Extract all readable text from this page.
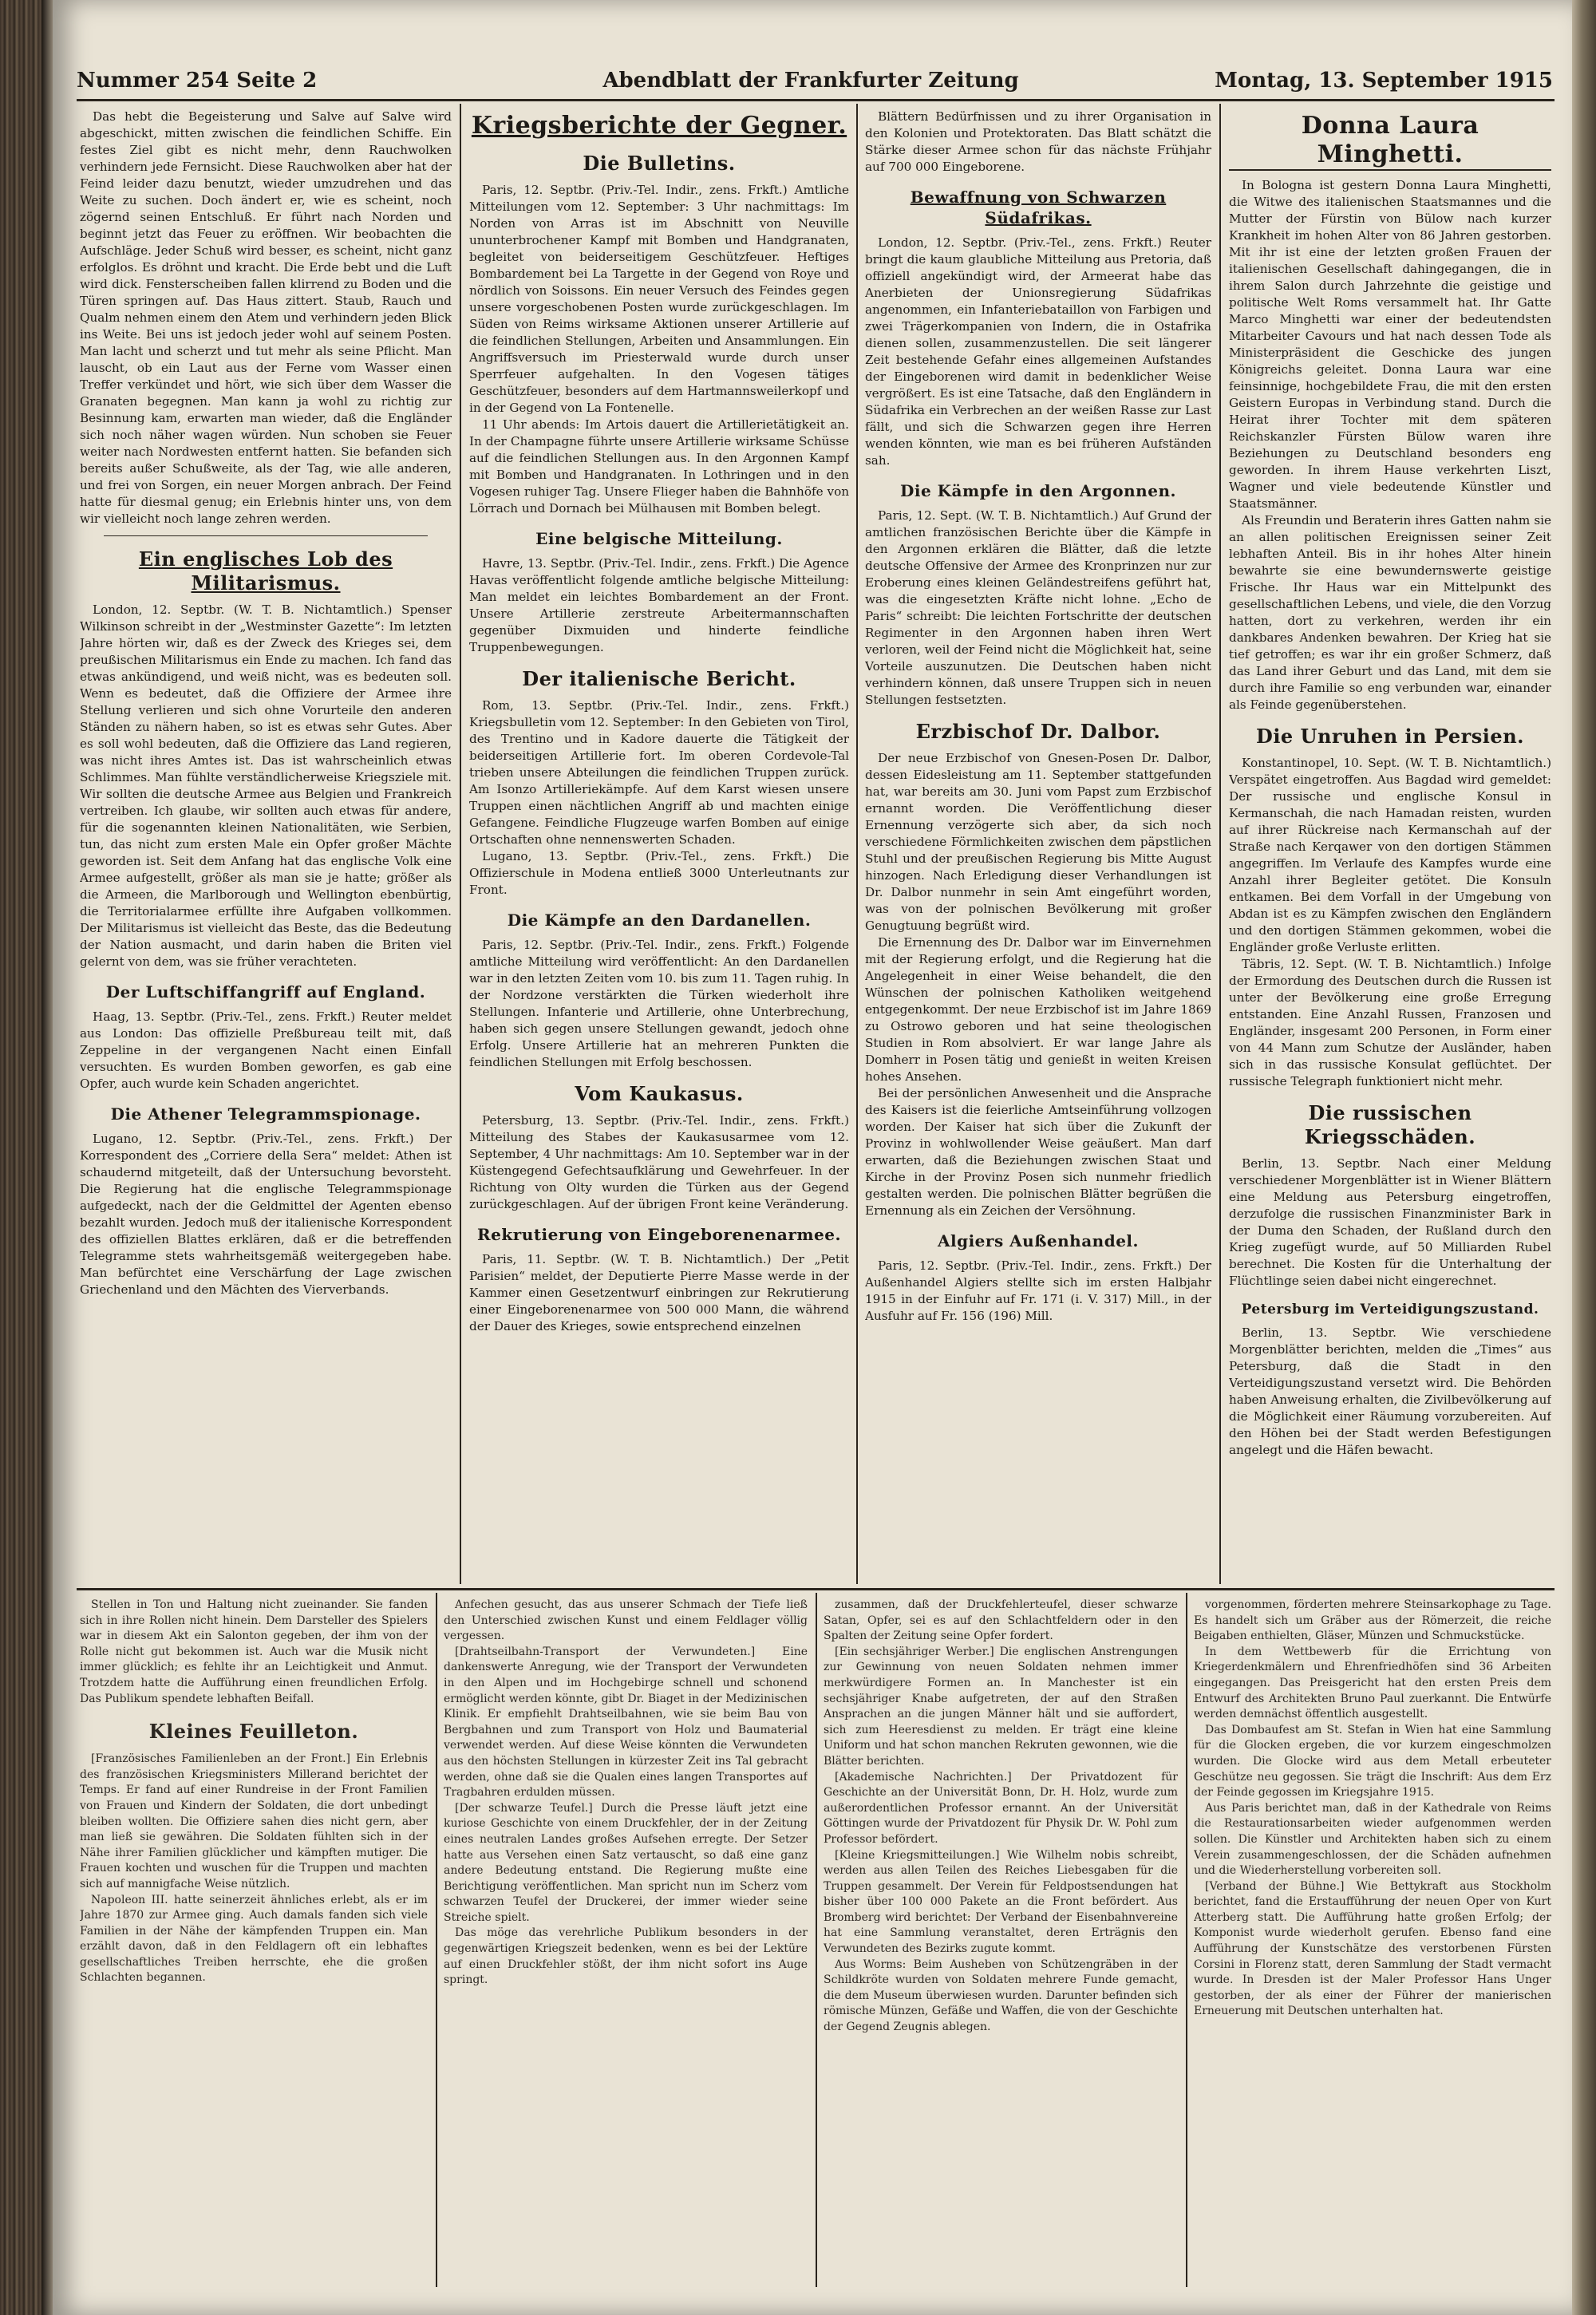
Nummer 254 Seite 2	Abendblatt der Frankfurter Zeitung	Montag, 13. September 1915

Das hebt die Begeisterung und Salve auf Salve wird abgeschickt, mitten zwischen die feindlichen Schiffe. Ein festes Ziel gibt es nicht mehr, denn Rauchwolken verhindern jede Fernsicht. Diese Rauchwolken aber hat der Feind leider dazu benutzt, wieder umzudrehen und das Weite zu suchen. Doch ändert er, wie es scheint, noch zögernd seinen Entschluß. Er führt nach Norden und beginnt jetzt das Feuer zu eröffnen. Wir beobachten die Aufschläge. Jeder Schuß wird besser, es scheint, nicht ganz erfolglos. Es dröhnt und kracht. Die Erde bebt und die Luft wird dick. Fensterscheiben fallen klirrend zu Boden und die Türen springen auf. Das Haus zittert. Staub, Rauch und Qualm nehmen einem den Atem und verhindern jeden Blick ins Weite. Bei uns ist jedoch jeder wohl auf seinem Posten. Man lacht und scherzt und tut mehr als seine Pflicht. Man lauscht, ob ein Laut aus der Ferne vom Wasser einen Treffer verkündet und hört, wie sich über dem Wasser die Granaten begegnen. Man kann ja wohl zu richtig zur Besinnung kam, erwarten man wieder, daß die Engländer sich noch näher wagen würden. Nun schoben sie Feuer weiter nach Nordwesten entfernt hatten. Sie befanden sich bereits außer Schußweite, als der Tag, wie alle anderen, und frei von Sorgen, ein neuer Morgen anbrach. Der Feind hatte für diesmal genug; ein Erlebnis hinter uns, von dem wir vielleicht noch lange zehren werden.

Ein englisches Lob des Militarismus.

London, 12. Septbr. (W. T. B. Nichtamtlich.) Spenser Wilkinson schreibt in der „Westminster Gazette“: Im letzten Jahre hörten wir, daß es der Zweck des Krieges sei, dem preußischen Militarismus ein Ende zu machen. Ich fand das etwas ankündigend, und weiß nicht, was es bedeuten soll. Wenn es bedeutet, daß die Offiziere der Armee ihre Stellung verlieren und sich ohne Vorurteile den anderen Ständen zu nähern haben, so ist es etwas sehr Gutes. Aber es soll wohl bedeuten, daß die Offiziere das Land regieren, was nicht ihres Amtes ist. Das ist wahrscheinlich etwas Schlimmes. Man fühlte verständlicherweise Kriegsziele mit. Wir sollten die deutsche Armee aus Belgien und Frankreich vertreiben. Ich glaube, wir sollten auch etwas für andere, für die sogenannten kleinen Nationalitäten, wie Serbien, tun, das nicht zum ersten Male ein Opfer großer Mächte geworden ist. Seit dem Anfang hat das englische Volk eine Armee aufgestellt, größer als man sie je hatte; größer als die Armeen, die Marlborough und Wellington ebenbürtig, die Territorialarmee erfüllte ihre Aufgaben vollkommen. Der Militarismus ist vielleicht das Beste, das die Bedeutung der Nation ausmacht, und darin haben die Briten viel gelernt von dem, was sie früher verachteten.

Der Luftschiffangriff auf England.

Haag, 13. Septbr. (Priv.-Tel., zens. Frkft.) Reuter meldet aus London: Das offizielle Preßbureau teilt mit, daß Zeppeline in der vergangenen Nacht einen Einfall versuchten. Es wurden Bomben geworfen, es gab eine Opfer, auch wurde kein Schaden angerichtet.

Die Athener Telegrammspionage.

Lugano, 12. Septbr. (Priv.-Tel., zens. Frkft.) Der Korrespondent des „Corriere della Sera“ meldet: Athen ist schaudernd mitgeteilt, daß der Untersuchung bevorsteht. Die Regierung hat die englische Telegrammspionage aufgedeckt, nach der die Geldmittel der Agenten ebenso bezahlt wurden. Jedoch muß der italienische Korrespondent des offiziellen Blattes erklären, daß er die betreffenden Telegramme stets wahrheitsgemäß weitergegeben habe. Man befürchtet eine Verschärfung der Lage zwischen Griechenland und den Mächten des Vierverbands.

Kriegsberichte der Gegner.
Die Bulletins.

Paris, 12. Septbr. (Priv.-Tel. Indir., zens. Frkft.) Amtliche Mitteilungen vom 12. September: 3 Uhr nachmittags: Im Norden von Arras ist im Abschnitt von Neuville ununterbrochener Kampf mit Bomben und Handgranaten, begleitet von beiderseitigem Geschützfeuer. Heftiges Bombardement bei La Targette in der Gegend von Roye und nördlich von Soissons. Ein neuer Versuch des Feindes gegen unsere vorgeschobenen Posten wurde zurückgeschlagen. Im Süden von Reims wirksame Aktionen unserer Artillerie auf die feindlichen Stellungen, Arbeiten und Ansammlungen. Ein Angriffsversuch im Priesterwald wurde durch unser Sperrfeuer aufgehalten. In den Vogesen tätiges Geschützfeuer, besonders auf dem Hartmannsweilerkopf und in der Gegend von La Fontenelle.

11 Uhr abends: Im Artois dauert die Artillerietätigkeit an. In der Champagne führte unsere Artillerie wirksame Schüsse auf die feindlichen Stellungen aus. In den Argonnen Kampf mit Bomben und Handgranaten. In Lothringen und in den Vogesen ruhiger Tag. Unsere Flieger haben die Bahnhöfe von Lörrach und Dornach bei Mülhausen mit Bomben belegt.

Eine belgische Mitteilung.

Havre, 13. Septbr. (Priv.-Tel. Indir., zens. Frkft.) Die Agence Havas veröffentlicht folgende amtliche belgische Mitteilung: Man meldet ein leichtes Bombardement an der Front. Unsere Artillerie zerstreute Arbeitermannschaften gegenüber Dixmuiden und hinderte feindliche Truppenbewegungen.

Der italienische Bericht.

Rom, 13. Septbr. (Priv.-Tel. Indir., zens. Frkft.) Kriegsbulletin vom 12. September: In den Gebieten von Tirol, des Trentino und in Kadore dauerte die Tätigkeit der beiderseitigen Artillerie fort. Im oberen Cordevole-Tal trieben unsere Abteilungen die feindlichen Truppen zurück. Am Isonzo Artilleriekämpfe. Auf dem Karst wiesen unsere Truppen einen nächtlichen Angriff ab und machten einige Gefangene. Feindliche Flugzeuge warfen Bomben auf einige Ortschaften ohne nennenswerten Schaden.

Lugano, 13. Septbr. (Priv.-Tel., zens. Frkft.) Die Offizierschule in Modena entließ 3000 Unterleutnants zur Front.

Die Kämpfe an den Dardanellen.

Paris, 12. Septbr. (Priv.-Tel. Indir., zens. Frkft.) Folgende amtliche Mitteilung wird veröffentlicht: An den Dardanellen war in den letzten Zeiten vom 10. bis zum 11. Tagen ruhig. In der Nordzone verstärkten die Türken wiederholt ihre Stellungen. Infanterie und Artillerie, ohne Unterbrechung, haben sich gegen unsere Stellungen gewandt, jedoch ohne Erfolg. Unsere Artillerie hat an mehreren Punkten die feindlichen Stellungen mit Erfolg beschossen.

Vom Kaukasus.

Petersburg, 13. Septbr. (Priv.-Tel. Indir., zens. Frkft.) Mitteilung des Stabes der Kaukasusarmee vom 12. September, 4 Uhr nachmittags: Am 10. September war in der Küstengegend Gefechtsaufklärung und Gewehrfeuer. In der Richtung von Olty wurden die Türken aus der Gegend zurückgeschlagen. Auf der übrigen Front keine Veränderung.

Rekrutierung von Eingeborenenarmee.

Paris, 11. Septbr. (W. T. B. Nichtamtlich.) Der „Petit Parisien“ meldet, der Deputierte Pierre Masse werde in der Kammer einen Gesetzentwurf einbringen zur Rekrutierung einer Eingeborenenarmee von 500 000 Mann, die während der Dauer des Krieges, sowie entsprechend einzelnen

Blättern Bedürfnissen und zu ihrer Organisation in den Kolonien und Protektoraten. Das Blatt schätzt die Stärke dieser Armee schon für das nächste Frühjahr auf 700 000 Eingeborene.

Bewaffnung von Schwarzen Südafrikas.

London, 12. Septbr. (Priv.-Tel., zens. Frkft.) Reuter bringt die kaum glaubliche Mitteilung aus Pretoria, daß offiziell angekündigt wird, der Armeerat habe das Anerbieten der Unionsregierung Südafrikas angenommen, ein Infanteriebataillon von Farbigen und zwei Trägerkompanien von Indern, die in Ostafrika dienen sollen, zusammenzustellen. Die seit längerer Zeit bestehende Gefahr eines allgemeinen Aufstandes der Eingeborenen wird damit in bedenklicher Weise vergrößert. Es ist eine Tatsache, daß den Engländern in Südafrika ein Verbrechen an der weißen Rasse zur Last fällt, und sich die Schwarzen gegen ihre Herren wenden könnten, wie man es bei früheren Aufständen sah.

Die Kämpfe in den Argonnen.

Paris, 12. Sept. (W. T. B. Nichtamtlich.) Auf Grund der amtlichen französischen Berichte über die Kämpfe in den Argonnen erklären die Blätter, daß die letzte deutsche Offensive der Armee des Kronprinzen nur zur Eroberung eines kleinen Geländestreifens geführt hat, was die eingesetzten Kräfte nicht lohne. „Echo de Paris“ schreibt: Die leichten Fortschritte der deutschen Regimenter in den Argonnen haben ihren Wert verloren, weil der Feind nicht die Möglichkeit hat, seine Vorteile auszunutzen. Die Deutschen haben nicht verhindern können, daß unsere Truppen sich in neuen Stellungen festsetzten.

Erzbischof Dr. Dalbor.

Der neue Erzbischof von Gnesen-Posen Dr. Dalbor, dessen Eidesleistung am 11. September stattgefunden hat, war bereits am 30. Juni vom Papst zum Erzbischof ernannt worden. Die Veröffentlichung dieser Ernennung verzögerte sich aber, da sich noch verschiedene Förmlichkeiten zwischen dem päpstlichen Stuhl und der preußischen Regierung bis Mitte August hinzogen. Nach Erledigung dieser Verhandlungen ist Dr. Dalbor nunmehr in sein Amt eingeführt worden, was von der polnischen Bevölkerung mit großer Genugtuung begrüßt wird.

Die Ernennung des Dr. Dalbor war im Einvernehmen mit der Regierung erfolgt, und die Regierung hat die Angelegenheit in einer Weise behandelt, die den Wünschen der polnischen Katholiken weitgehend entgegenkommt. Der neue Erzbischof ist im Jahre 1869 zu Ostrowo geboren und hat seine theologischen Studien in Rom absolviert. Er war lange Jahre als Domherr in Posen tätig und genießt in weiten Kreisen hohes Ansehen.

Bei der persönlichen Anwesenheit und die Ansprache des Kaisers ist die feierliche Amtseinführung vollzogen worden. Der Kaiser hat sich über die Zukunft der Provinz in wohlwollender Weise geäußert. Man darf erwarten, daß die Beziehungen zwischen Staat und Kirche in der Provinz Posen sich nunmehr friedlich gestalten werden. Die polnischen Blätter begrüßen die Ernennung als ein Zeichen der Versöhnung.

Algiers Außenhandel.

Paris, 12. Septbr. (Priv.-Tel. Indir., zens. Frkft.) Der Außenhandel Algiers stellte sich im ersten Halbjahr 1915 in der Einfuhr auf Fr. 171 (i. V. 317) Mill., in der Ausfuhr auf Fr. 156 (196) Mill.

Donna Laura Minghetti.

In Bologna ist gestern Donna Laura Minghetti, die Witwe des italienischen Staatsmannes und die Mutter der Fürstin von Bülow nach kurzer Krankheit im hohen Alter von 86 Jahren gestorben. Mit ihr ist eine der letzten großen Frauen der italienischen Gesellschaft dahingegangen, die in ihrem Salon durch Jahrzehnte die geistige und politische Welt Roms versammelt hat. Ihr Gatte Marco Minghetti war einer der bedeutendsten Mitarbeiter Cavours und hat nach dessen Tode als Ministerpräsident die Geschicke des jungen Königreichs geleitet. Donna Laura war eine feinsinnige, hochgebildete Frau, die mit den ersten Geistern Europas in Verbindung stand. Durch die Heirat ihrer Tochter mit dem späteren Reichskanzler Fürsten Bülow waren ihre Beziehungen zu Deutschland besonders eng geworden. In ihrem Hause verkehrten Liszt, Wagner und viele bedeutende Künstler und Staatsmänner.

Als Freundin und Beraterin ihres Gatten nahm sie an allen politischen Ereignissen seiner Zeit lebhaften Anteil. Bis in ihr hohes Alter hinein bewahrte sie eine bewundernswerte geistige Frische. Ihr Haus war ein Mittelpunkt des gesellschaftlichen Lebens, und viele, die den Vorzug hatten, dort zu verkehren, werden ihr ein dankbares Andenken bewahren. Der Krieg hat sie tief getroffen; es war ihr ein großer Schmerz, daß das Land ihrer Geburt und das Land, mit dem sie durch ihre Familie so eng verbunden war, einander als Feinde gegenüberstehen.

Die Unruhen in Persien.

Konstantinopel, 10. Sept. (W. T. B. Nichtamtlich.) Verspätet eingetroffen. Aus Bagdad wird gemeldet: Der russische und englische Konsul in Kermanschah, die nach Hamadan reisten, wurden auf ihrer Rückreise nach Kermanschah auf der Straße nach Kerqawer von den dortigen Stämmen angegriffen. Im Verlaufe des Kampfes wurde eine Anzahl ihrer Begleiter getötet. Die Konsuln entkamen. Bei dem Vorfall in der Umgebung von Abdan ist es zu Kämpfen zwischen den Engländern und den dortigen Stämmen gekommen, wobei die Engländer große Verluste erlitten.

Täbris, 12. Sept. (W. T. B. Nichtamtlich.) Infolge der Ermordung des Deutschen durch die Russen ist unter der Bevölkerung eine große Erregung entstanden. Eine Anzahl Russen, Franzosen und Engländer, insgesamt 200 Personen, in Form einer von 44 Mann zum Schutze der Ausländer, haben sich in das russische Konsulat geflüchtet. Der russische Telegraph funktioniert nicht mehr.

Die russischen Kriegsschäden.

Berlin, 13. Septbr. Nach einer Meldung verschiedener Morgenblätter ist in Wiener Blättern eine Meldung aus Petersburg eingetroffen, derzufolge die russischen Finanzminister Bark in der Duma den Schaden, der Rußland durch den Krieg zugefügt wurde, auf 50 Milliarden Rubel berechnet. Die Kosten für die Unterhaltung der Flüchtlinge seien dabei nicht eingerechnet.

Petersburg im Verteidigungszustand.

Berlin, 13. Septbr. Wie verschiedene Morgenblätter berichten, melden die „Times“ aus Petersburg, daß die Stadt in den Verteidigungszustand versetzt wird. Die Behörden haben Anweisung erhalten, die Zivilbevölkerung auf die Möglichkeit einer Räumung vorzubereiten. Auf den Höhen bei der Stadt werden Befestigungen angelegt und die Häfen bewacht.

Stellen in Ton und Haltung nicht zueinander. Sie fanden sich in ihre Rollen nicht hinein. Dem Darsteller des Spielers war in diesem Akt ein Salonton gegeben, der ihm von der Rolle nicht gut bekommen ist. Auch war die Musik nicht immer glücklich; es fehlte ihr an Leichtigkeit und Anmut. Trotzdem hatte die Aufführung einen freundlichen Erfolg. Das Publikum spendete lebhaften Beifall.

Kleines Feuilleton.

[Französisches Familienleben an der Front.] Ein Erlebnis des französischen Kriegsministers Millerand berichtet der Temps. Er fand auf einer Rundreise in der Front Familien von Frauen und Kindern der Soldaten, die dort unbedingt bleiben wollten. Die Offiziere sahen dies nicht gern, aber man ließ sie gewähren. Die Soldaten fühlten sich in der Nähe ihrer Familien glücklicher und kämpften mutiger. Die Frauen kochten und wuschen für die Truppen und machten sich auf mannigfache Weise nützlich.

Napoleon III. hatte seinerzeit ähnliches erlebt, als er im Jahre 1870 zur Armee ging. Auch damals fanden sich viele Familien in der Nähe der kämpfenden Truppen ein. Man erzählt davon, daß in den Feldlagern oft ein lebhaftes gesellschaftliches Treiben herrschte, ehe die großen Schlachten begannen.

Anfechen gesucht, das aus unserer Schmach der Tiefe ließ den Unterschied zwischen Kunst und einem Feldlager völlig vergessen.

[Drahtseilbahn-Transport der Verwundeten.] Eine dankenswerte Anregung, wie der Transport der Verwundeten in den Alpen und im Hochgebirge schnell und schonend ermöglicht werden könnte, gibt Dr. Biaget in der Medizinischen Klinik. Er empfiehlt Drahtseilbahnen, wie sie beim Bau von Bergbahnen und zum Transport von Holz und Baumaterial verwendet werden. Auf diese Weise könnten die Verwundeten aus den höchsten Stellungen in kürzester Zeit ins Tal gebracht werden, ohne daß sie die Qualen eines langen Transportes auf Tragbahren erdulden müssen.

[Der schwarze Teufel.] Durch die Presse läuft jetzt eine kuriose Geschichte von einem Druckfehler, der in der Zeitung eines neutralen Landes großes Aufsehen erregte. Der Setzer hatte aus Versehen einen Satz vertauscht, so daß eine ganz andere Bedeutung entstand. Die Regierung mußte eine Berichtigung veröffentlichen. Man spricht nun im Scherz vom schwarzen Teufel der Druckerei, der immer wieder seine Streiche spielt.

Das möge das verehrliche Publikum besonders in der gegenwärtigen Kriegszeit bedenken, wenn es bei der Lektüre auf einen Druckfehler stößt, der ihm nicht sofort ins Auge springt.

zusammen, daß der Druckfehlerteufel, dieser schwarze Satan, Opfer, sei es auf den Schlachtfeldern oder in den Spalten der Zeitung seine Opfer fordert.

[Ein sechsjähriger Werber.] Die englischen Anstrengungen zur Gewinnung von neuen Soldaten nehmen immer merkwürdigere Formen an. In Manchester ist ein sechsjähriger Knabe aufgetreten, der auf den Straßen Ansprachen an die jungen Männer hält und sie auffordert, sich zum Heeresdienst zu melden. Er trägt eine kleine Uniform und hat schon manchen Rekruten gewonnen, wie die Blätter berichten.

[Akademische Nachrichten.] Der Privatdozent für Geschichte an der Universität Bonn, Dr. H. Holz, wurde zum außerordentlichen Professor ernannt. An der Universität Göttingen wurde der Privatdozent für Physik Dr. W. Pohl zum Professor befördert.

[Kleine Kriegsmitteilungen.] Wie Wilhelm nobis schreibt, werden aus allen Teilen des Reiches Liebesgaben für die Truppen gesammelt. Der Verein für Feldpostsendungen hat bisher über 100 000 Pakete an die Front befördert. Aus Bromberg wird berichtet: Der Verband der Eisenbahnvereine hat eine Sammlung veranstaltet, deren Erträgnis den Verwundeten des Bezirks zugute kommt.

Aus Worms: Beim Ausheben von Schützengräben in der Schildkröte wurden von Soldaten mehrere Funde gemacht, die dem Museum überwiesen wurden. Darunter befinden sich römische Münzen, Gefäße und Waffen, die von der Geschichte der Gegend Zeugnis ablegen.

vorgenommen, förderten mehrere Steinsarkophage zu Tage. Es handelt sich um Gräber aus der Römerzeit, die reiche Beigaben enthielten, Gläser, Münzen und Schmuckstücke.

In dem Wettbewerb für die Errichtung von Kriegerdenkmälern und Ehrenfriedhöfen sind 36 Arbeiten eingegangen. Das Preisgericht hat den ersten Preis dem Entwurf des Architekten Bruno Paul zuerkannt. Die Entwürfe werden demnächst öffentlich ausgestellt.

Das Dombaufest am St. Stefan in Wien hat eine Sammlung für die Glocken ergeben, die vor kurzem eingeschmolzen wurden. Die Glocke wird aus dem Metall erbeuteter Geschütze neu gegossen. Sie trägt die Inschrift: Aus dem Erz der Feinde gegossen im Kriegsjahre 1915.

Aus Paris berichtet man, daß in der Kathedrale von Reims die Restaurationsarbeiten wieder aufgenommen werden sollen. Die Künstler und Architekten haben sich zu einem Verein zusammengeschlossen, der die Schäden aufnehmen und die Wiederherstellung vorbereiten soll.

[Verband der Bühne.] Wie Bettykraft aus Stockholm berichtet, fand die Erstaufführung der neuen Oper von Kurt Atterberg statt. Die Aufführung hatte großen Erfolg; der Komponist wurde wiederholt gerufen. Ebenso fand eine Aufführung der Kunstschätze des verstorbenen Fürsten Corsini in Florenz statt, deren Sammlung der Stadt vermacht wurde. In Dresden ist der Maler Professor Hans Unger gestorben, der als einer der Führer der manierischen Erneuerung mit Deutschen unterhalten hat.
